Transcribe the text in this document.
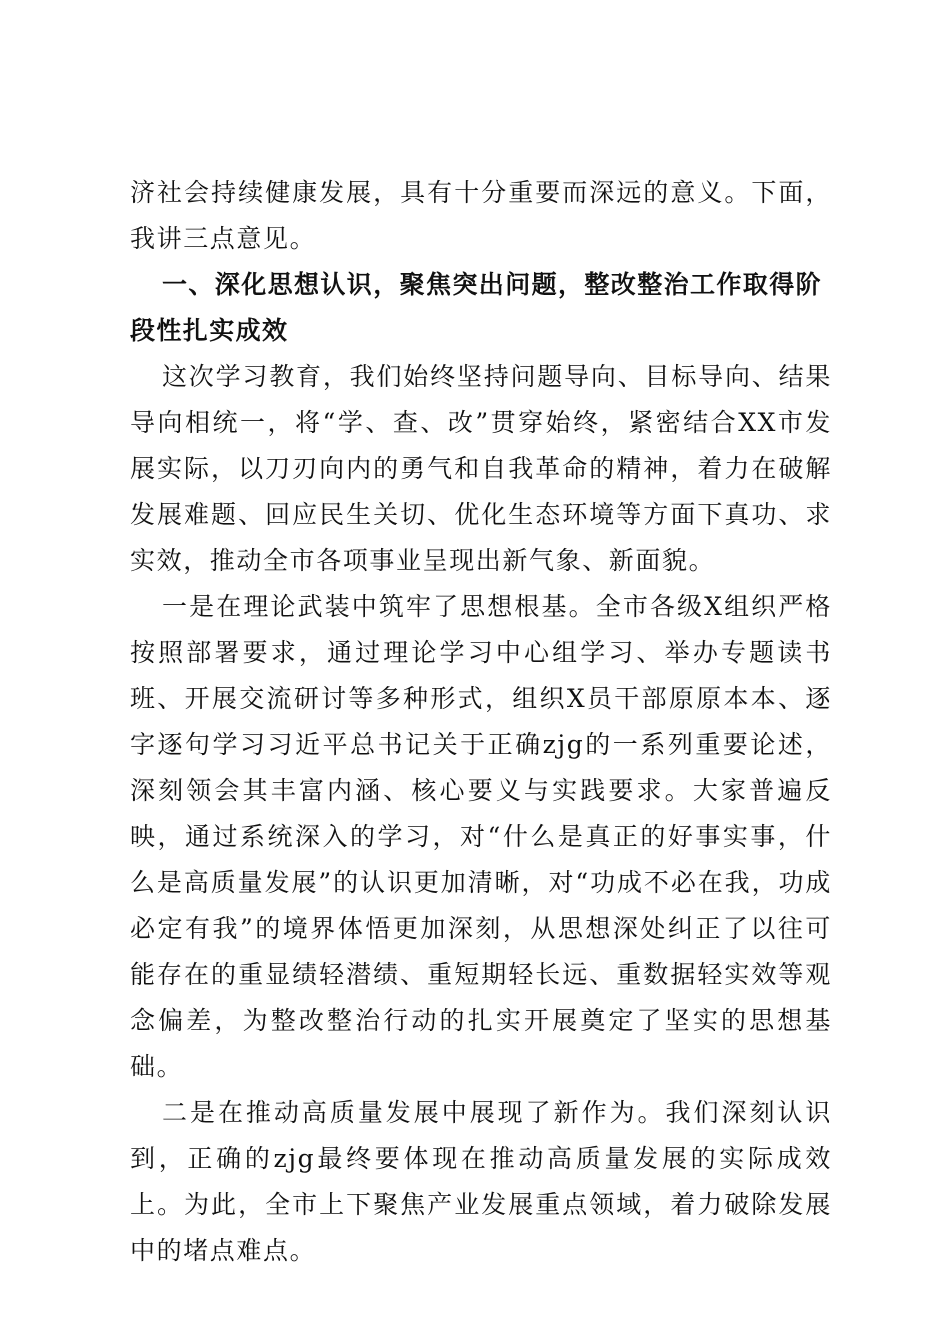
济社会持续健康发展，具有十分重要而深远的意义。下面，我讲三点意见。

一、深化思想认识，聚焦突出问题，整改整治工作取得阶段性扎实成效

这次学习教育，我们始终坚持问题导向、目标导向、结果导向相统一，将“学、查、改”贯穿始终，紧密结合XX市发展实际，以刀刃向内的勇气和自我革命的精神，着力在破解发展难题、回应民生关切、优化生态环境等方面下真功、求实效，推动全市各项事业呈现出新气象、新面貌。

一是在理论武装中筑牢了思想根基。全市各级X组织严格按照部署要求，通过理论学习中心组学习、举办专题读书班、开展交流研讨等多种形式，组织X员干部原原本本、逐字逐句学习习近平总书记关于正确zjg的一系列重要论述，深刻领会其丰富内涵、核心要义与实践要求。大家普遍反映，通过系统深入的学习，对“什么是真正的好事实事，什么是高质量发展”的认识更加清晰，对“功成不必在我，功成必定有我”的境界体悟更加深刻，从思想深处纠正了以往可能存在的重显绩轻潜绩、重短期轻长远、重数据轻实效等观念偏差，为整改整治行动的扎实开展奠定了坚实的思想基础。

二是在推动高质量发展中展现了新作为。我们深刻认识到，正确的zjg最终要体现在推动高质量发展的实际成效上。为此，全市上下聚焦产业发展重点领域，着力破除发展中的堵点难点。
